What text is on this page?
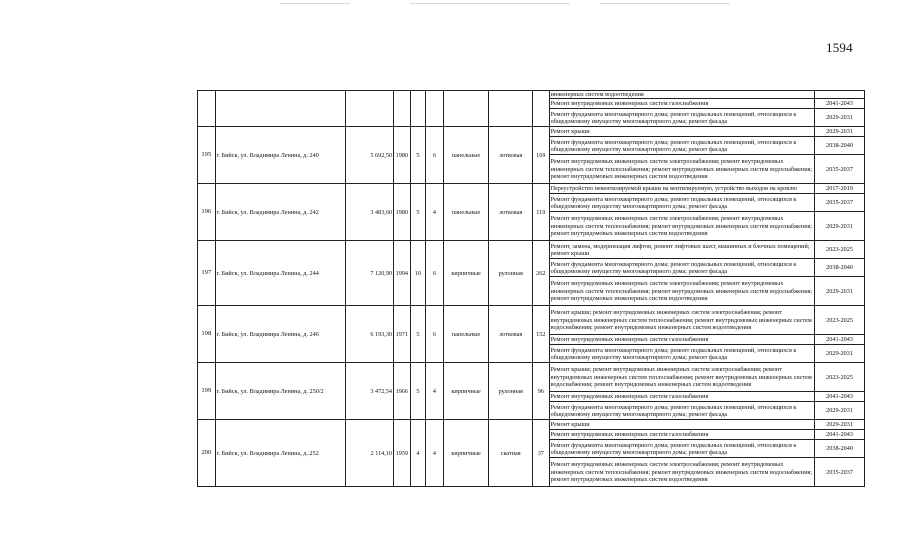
1594
									инженерных систем водоотведения	
									Ремонт внутридомовых инженерных систем газоснабжения	2041-2043
									Ремонт фундамента многоквартирного дома; ремонт подвальных помещений, относящихся к общедомовому имуществу многоквартирного дома; ремонт фасада	2029-2031
195	г. Бийск, ул. Владимира Ленина, д. 240	5 692,50	1980	5	6	панельные	лотковая	169	Ремонт крыши	2029-2031
									Ремонт фундамента многоквартирного дома; ремонт подвальных помещений, относящихся к общедомовому имуществу многоквартирного дома; ремонт фасада	2038-2040
									Ремонт внутридомовых инженерных систем электроснабжения; ремонт внутридомовых инженерных систем теплоснабжения; ремонт внутридомовых инженерных систем водоснабжения; ремонт внутридомовых инженерных систем водоотведения	2035-2037
196	г. Бийск, ул. Владимира Ленина, д. 242	3 483,60	1980	5	4	панельные	лотковая	119	Переустройство невентилируемой крыши на вентилируемую, устройство выходов на кровлю	2017-2019
									Ремонт фундамента многоквартирного дома; ремонт подвальных помещений, относящихся к общедомовому имуществу многоквартирного дома; ремонт фасада	2035-2037
									Ремонт внутридомовых инженерных систем электроснабжения; ремонт внутридомовых инженерных систем теплоснабжения; ремонт внутридомовых инженерных систем водоснабжения; ремонт внутридомовых инженерных систем водоотведения	2029-2031
197	г. Бийск, ул. Владимира Ленина, д. 244	7 120,90	1994	10	6	кирпичные	рулонная	262	Ремонт, замена, модернизация лифтов, ремонт лифтовых шахт, машинных и блочных помещений; ремонт крыши	2023-2025
									Ремонт фундамента многоквартирного дома; ремонт подвальных помещений, относящихся к общедомовому имуществу многоквартирного дома; ремонт фасада	2038-2040
									Ремонт внутридомовых инженерных систем электроснабжения; ремонт внутридомовых инженерных систем теплоснабжения; ремонт внутридомовых инженерных систем водоснабжения; ремонт внутридомовых инженерных систем водоотведения	2029-2031
198	г. Бийск, ул. Владимира Ленина, д. 246	6 193,30	1971	5	6	панельные	лотковая	152	Ремонт крыши; ремонт внутридомовых инженерных систем электроснабжения; ремонт внутридомовых инженерных систем теплоснабжения; ремонт внутридомовых инженерных систем водоснабжения; ремонт внутридомовых инженерных систем водоотведения	2023-2025
									Ремонт внутридомовых инженерных систем газоснабжения	2041-2043
									Ремонт фундамента многоквартирного дома; ремонт подвальных помещений, относящихся к общедомовому имуществу многоквартирного дома; ремонт фасада	2029-2031
199	г. Бийск, ул. Владимира Ленина, д. 250/2	3 472,54	1966	5	4	кирпичные	рулонная	96	Ремонт крыши; ремонт внутридомовых инженерных систем электроснабжения; ремонт внутридомовых инженерных систем теплоснабжения; ремонт внутридомовых инженерных систем водоснабжения; ремонт внутридомовых инженерных систем водоотведения	2023-2025
									Ремонт внутридомовых инженерных систем газоснабжения	2041-2043
									Ремонт фундамента многоквартирного дома; ремонт подвальных помещений, относящихся к общедомовому имуществу многоквартирного дома; ремонт фасада	2029-2031
200	г. Бийск, ул. Владимира Ленина, д. 252	2 114,10	1959	4	4	кирпичные	скатная	37	Ремонт крыши	2029-2031
									Ремонт внутридомовых инженерных систем газоснабжения	2041-2043
									Ремонт фундамента многоквартирного дома; ремонт подвальных помещений, относящихся к общедомовому имуществу многоквартирного дома; ремонт фасада	2038-2040
									Ремонт внутридомовых инженерных систем электроснабжения; ремонт внутридомовых инженерных систем теплоснабжения; ремонт внутридомовых инженерных систем водоснабжения; ремонт внутридомовых инженерных систем водоотведения	2035-2037
